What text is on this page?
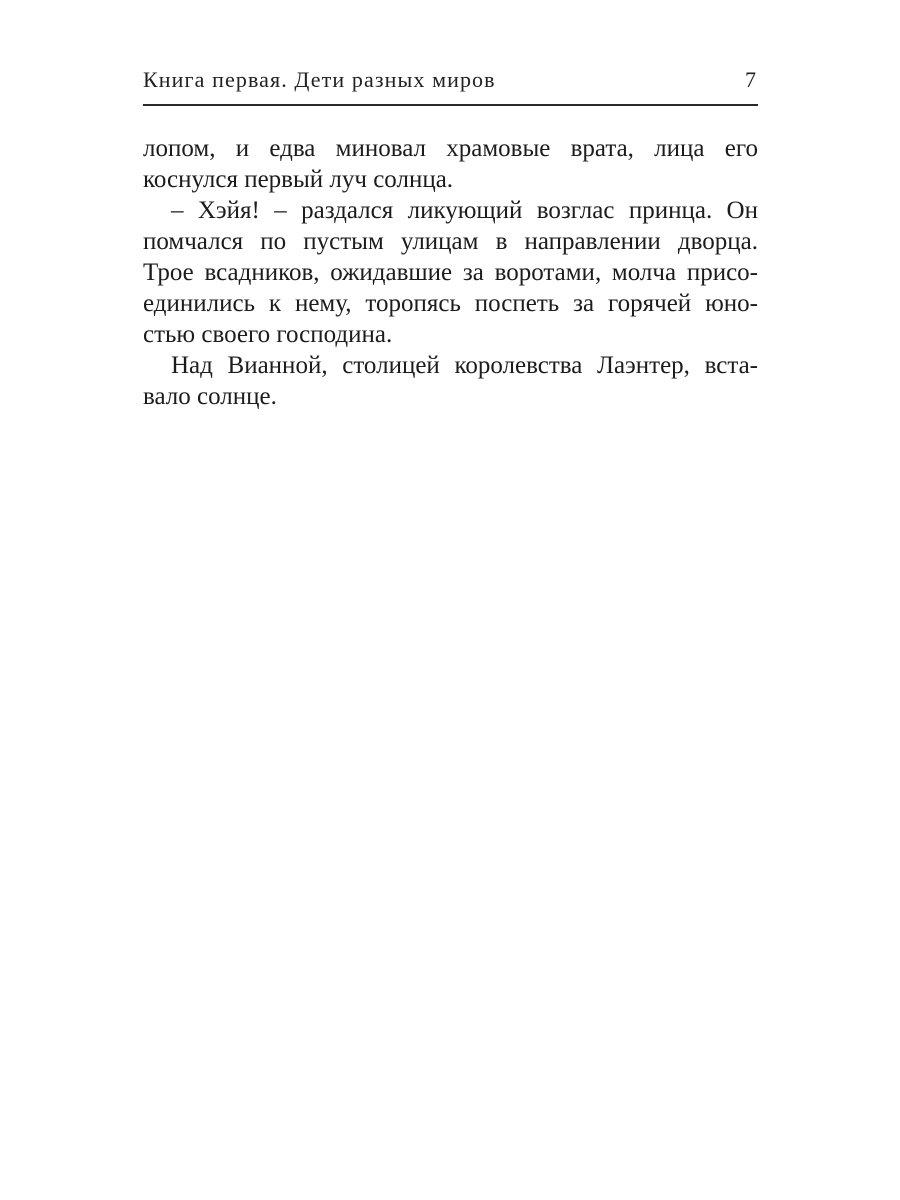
Книга первая. Дети разных миров	7
лопом, и едва миновал храмовые врата, лица его
коснулся первый луч солнца.
– Хэйя! – раздался ликующий возглас принца. Он
помчался по пустым улицам в направлении дворца.
Трое всадников, ожидавшие за воротами, молча присо-
единились к нему, торопясь поспеть за горячей юно-
стью своего господина.
Над Вианной, столицей королевства Лаэнтер, вста-
вало солнце.
